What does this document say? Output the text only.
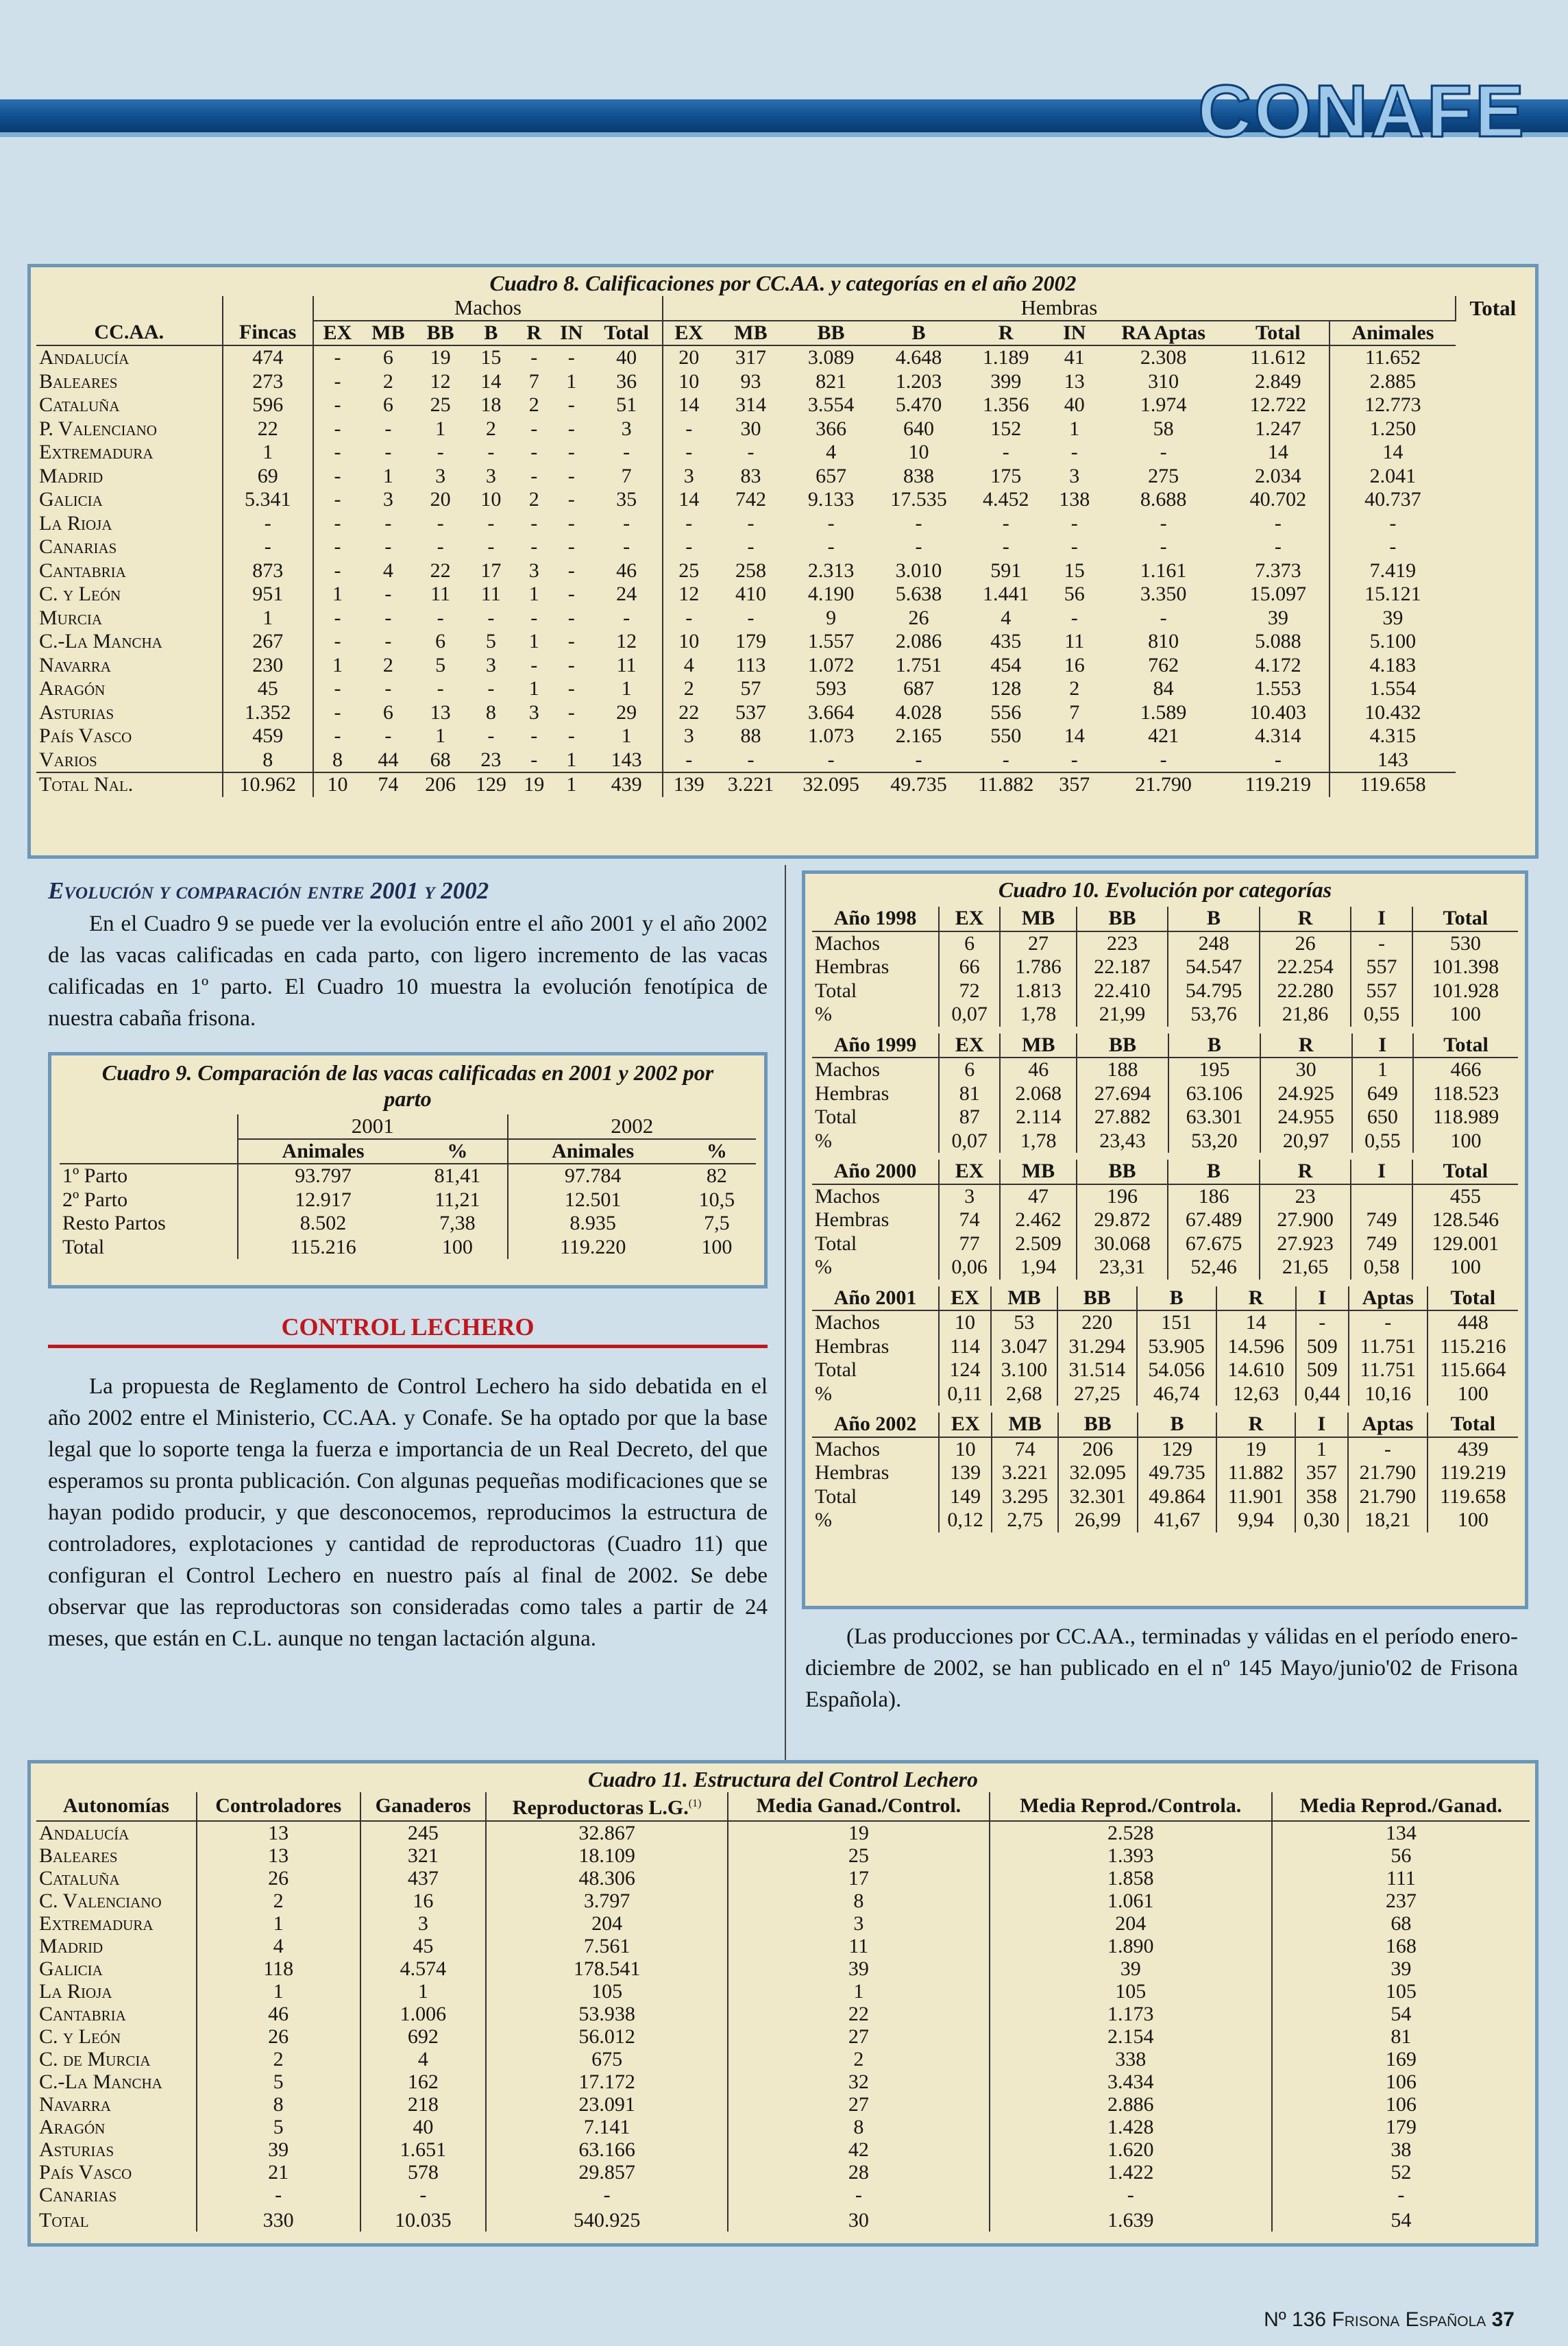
CONAFE
Cuadro 8. Calificaciones por CC.AA. y categorías en el año 2002
		Machos							Hembras									Total
CC.AA.	Fincas	EX	MB	BB	B	R	IN	Total	EX	MB	BB	B	R	IN	RA Aptas	Total	Animales	
Andalucía	474	-	6	19	15	-	-	40	20	317	3.089	4.648	1.189	41	2.308	11.612	11.652	
Baleares	273	-	2	12	14	7	1	36	10	93	821	1.203	399	13	310	2.849	2.885	
Cataluña	596	-	6	25	18	2	-	51	14	314	3.554	5.470	1.356	40	1.974	12.722	12.773	
P. Valenciano	22	-	-	1	2	-	-	3	-	30	366	640	152	1	58	1.247	1.250	
Extremadura	1	-	-	-	-	-	-	-	-	-	4	10	-	-	-	14	14	
Madrid	69	-	1	3	3	-	-	7	3	83	657	838	175	3	275	2.034	2.041	
Galicia	5.341	-	3	20	10	2	-	35	14	742	9.133	17.535	4.452	138	8.688	40.702	40.737	
La Rioja	-	-	-	-	-	-	-	-	-	-	-	-	-	-	-	-	-	
Canarias	-	-	-	-	-	-	-	-	-	-	-	-	-	-	-	-	-	
Cantabria	873	-	4	22	17	3	-	46	25	258	2.313	3.010	591	15	1.161	7.373	7.419	
C. y León	951	1	-	11	11	1	-	24	12	410	4.190	5.638	1.441	56	3.350	15.097	15.121	
Murcia	1	-	-	-	-	-	-	-	-	-	9	26	4	-	-	39	39	
C.-La Mancha	267	-	-	6	5	1	-	12	10	179	1.557	2.086	435	11	810	5.088	5.100	
Navarra	230	1	2	5	3	-	-	11	4	113	1.072	1.751	454	16	762	4.172	4.183	
Aragón	45	-	-	-	-	1	-	1	2	57	593	687	128	2	84	1.553	1.554	
Asturias	1.352	-	6	13	8	3	-	29	22	537	3.664	4.028	556	7	1.589	10.403	10.432	
País Vasco	459	-	-	1	-	-	-	1	3	88	1.073	2.165	550	14	421	4.314	4.315	
Varios	8	8	44	68	23	-	1	143	-	-	-	-	-	-	-	-	143	
Total Nal.	10.962	10	74	206	129	19	1	439	139	3.221	32.095	49.735	11.882	357	21.790	119.219	119.658	
Evolución y comparación entre 2001 y 2002
En el Cuadro 9 se puede ver la evolución entre el año 2001 y el año 2002 de las vacas calificadas en cada parto, con ligero incremento de las vacas calificadas en 1º parto. El Cuadro 10 muestra la evolución fenotípica de nuestra cabaña frisona.
Cuadro 9. Comparación de las vacas calificadas en 2001 y 2002 por parto
	2001		2002	
	Animales	%	Animales	%
1º Parto	93.797	81,41	97.784	82
2º Parto	12.917	11,21	12.501	10,5
Resto Partos	8.502	7,38	8.935	7,5
Total	115.216	100	119.220	100
CONTROL LECHERO
La propuesta de Reglamento de Control Lechero ha sido debatida en el año 2002 entre el Ministerio, CC.AA. y Conafe. Se ha optado por que la base legal que lo soporte tenga la fuerza e importancia de un Real Decreto, del que esperamos su pronta publicación. Con algunas pequeñas modificaciones que se hayan podido producir, y que desconocemos, reproducimos la estructura de controladores, explotaciones y cantidad de reproductoras (Cuadro 11) que configuran el Control Lechero en nuestro país al final de 2002. Se debe observar que las reproductoras son consideradas como tales a partir de 24 meses, que están en C.L. aunque no tengan lactación alguna.
Cuadro 10. Evolución por categorías
Año 1998	EX	MB	BB	B	R	I	Total
Machos	6	27	223	248	26	-	530
Hembras	66	1.786	22.187	54.547	22.254	557	101.398
Total	72	1.813	22.410	54.795	22.280	557	101.928
%	0,07	1,78	21,99	53,76	21,86	0,55	100
Año 1999	EX	MB	BB	B	R	I	Total
Machos	6	46	188	195	30	1	466
Hembras	81	2.068	27.694	63.106	24.925	649	118.523
Total	87	2.114	27.882	63.301	24.955	650	118.989
%	0,07	1,78	23,43	53,20	20,97	0,55	100
Año 2000	EX	MB	BB	B	R	I	Total
Machos	3	47	196	186	23		455
Hembras	74	2.462	29.872	67.489	27.900	749	128.546
Total	77	2.509	30.068	67.675	27.923	749	129.001
%	0,06	1,94	23,31	52,46	21,65	0,58	100
Año 2001	EX	MB	BB	B	R	I	Aptas	Total
Machos	10	53	220	151	14	-	-	448
Hembras	114	3.047	31.294	53.905	14.596	509	11.751	115.216
Total	124	3.100	31.514	54.056	14.610	509	11.751	115.664
%	0,11	2,68	27,25	46,74	12,63	0,44	10,16	100
Año 2002	EX	MB	BB	B	R	I	Aptas	Total
Machos	10	74	206	129	19	1	-	439
Hembras	139	3.221	32.095	49.735	11.882	357	21.790	119.219
Total	149	3.295	32.301	49.864	11.901	358	21.790	119.658
%	0,12	2,75	26,99	41,67	9,94	0,30	18,21	100
(Las producciones por CC.AA., terminadas y válidas en el período enero-diciembre de 2002, se han publicado en el nº 145 Mayo/junio'02 de Frisona Española).
Cuadro 11. Estructura del Control Lechero
Autonomías	Controladores	Ganaderos	Reproductoras L.G.$^{(1)}$	Media Ganad./Control.	Media Reprod./Controla.	Media Reprod./Ganad.
Andalucía	13	245	32.867	19	2.528	134
Baleares	13	321	18.109	25	1.393	56
Cataluña	26	437	48.306	17	1.858	111
C. Valenciano	2	16	3.797	8	1.061	237
Extremadura	1	3	204	3	204	68
Madrid	4	45	7.561	11	1.890	168
Galicia	118	4.574	178.541	39	39	39
La Rioja	1	1	105	1	105	105
Cantabria	46	1.006	53.938	22	1.173	54
C. y León	26	692	56.012	27	2.154	81
C. de Murcia	2	4	675	2	338	169
C.-La Mancha	5	162	17.172	32	3.434	106
Navarra	8	218	23.091	27	2.886	106
Aragón	5	40	7.141	8	1.428	179
Asturias	39	1.651	63.166	42	1.620	38
País Vasco	21	578	29.857	28	1.422	52
Canarias	-	-	-	-	-	-
Total	330	10.035	540.925	30	1.639	54
Nº 136 Frisona Española 37
